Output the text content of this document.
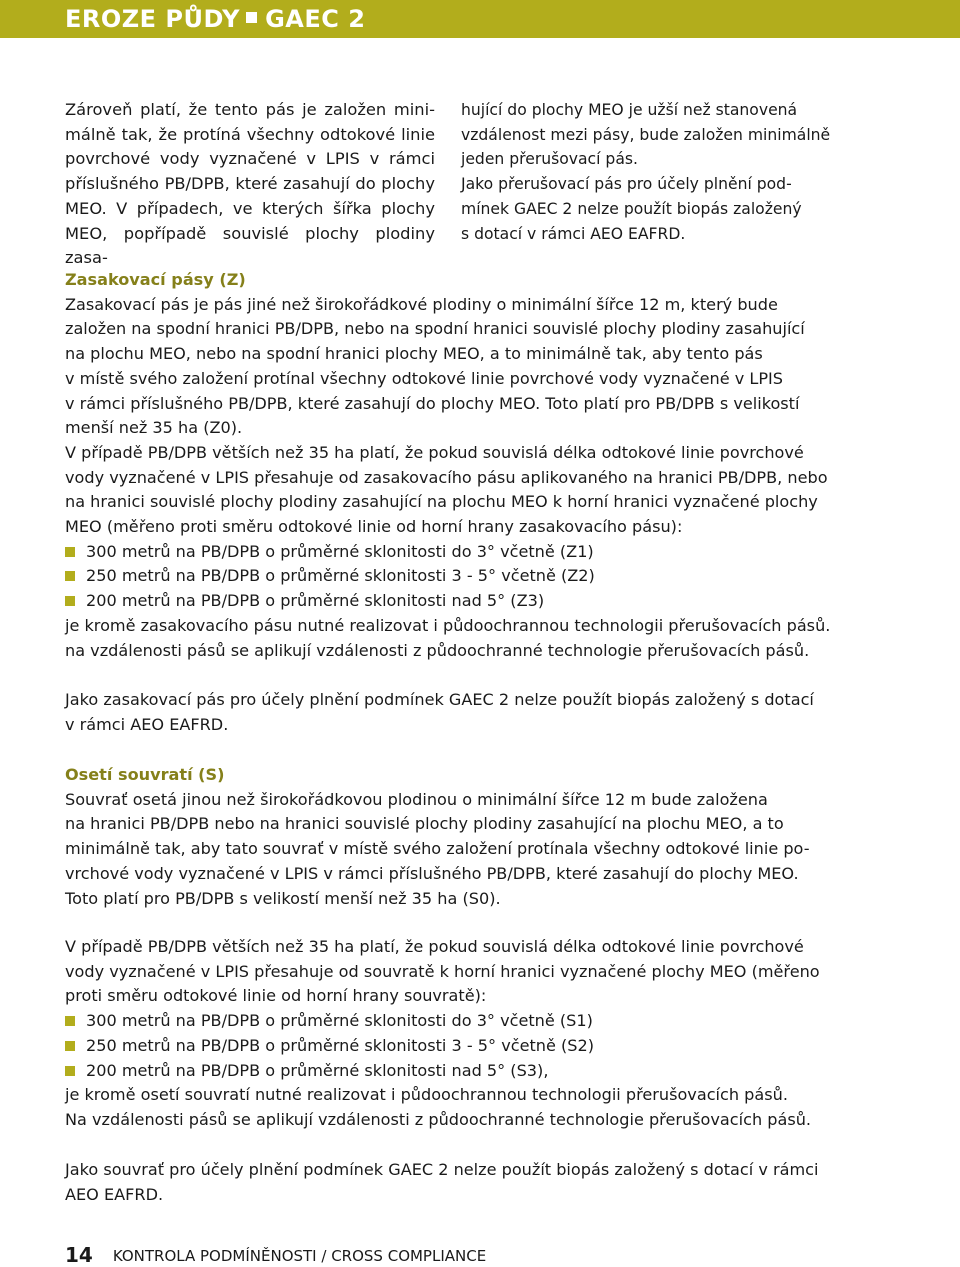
EROZE PŮDY GAEC 2
Zároveň platí, že tento pás je založen mini-
málně tak, že protíná všechny odtokové linie
povrchové vody vyznačené v LPIS v rámci
příslušného PB/DPB, které zasahují do plochy
MEO. V případech, ve kterých šířka plochy
MEO, popřípadě souvislé plochy plodiny zasa-
hující do plochy MEO je užší než stanovená
vzdálenost mezi pásy, bude založen minimálně
jeden přerušovací pás.
Jako přerušovací pás pro účely plnění pod-
mínek GAEC 2 nelze použít biopás založený
s dotací v rámci AEO EAFRD.
Zasakovací pásy (Z)
Zasakovací pás je pás jiné než širokořádkové plodiny o minimální šířce 12 m, který bude
založen na spodní hranici PB/DPB, nebo na spodní hranici souvislé plochy plodiny zasahující
na plochu MEO, nebo na spodní hranici plochy MEO, a to minimálně tak, aby tento pás
v místě svého založení protínal všechny odtokové linie povrchové vody vyznačené v LPIS
v rámci příslušného PB/DPB, které zasahují do plochy MEO. Toto platí pro PB/DPB s velikostí
menší než 35 ha (Z0).
V případě PB/DPB větších než 35 ha platí, že pokud souvislá délka odtokové linie povrchové
vody vyznačené v LPIS přesahuje od zasakovacího pásu aplikovaného na hranici PB/DPB, nebo
na hranici souvislé plochy plodiny zasahující na plochu MEO k horní hranici vyznačené plochy
MEO (měřeno proti směru odtokové linie od horní hrany zasakovacího pásu):
300 metrů na PB/DPB o průměrné sklonitosti do 3° včetně (Z1)
250 metrů na PB/DPB o průměrné sklonitosti 3 - 5° včetně (Z2)
200 metrů na PB/DPB o průměrné sklonitosti nad 5° (Z3)
je kromě zasakovacího pásu nutné realizovat i půdoochrannou technologii přerušovacích pásů.
na vzdálenosti pásů se aplikují vzdálenosti z půdoochranné technologie přerušovacích pásů.
Jako zasakovací pás pro účely plnění podmínek GAEC 2 nelze použít biopás založený s dotací
v rámci AEO EAFRD.
Osetí souvratí (S)
Souvrať osetá jinou než širokořádkovou plodinou o minimální šířce 12 m bude založena
na hranici PB/DPB nebo na hranici souvislé plochy plodiny zasahující na plochu MEO, a to
minimálně tak, aby tato souvrať v místě svého založení protínala všechny odtokové linie po-
vrchové vody vyznačené v LPIS v rámci příslušného PB/DPB, které zasahují do plochy MEO.
Toto platí pro PB/DPB s velikostí menší než 35 ha (S0).
V případě PB/DPB větších než 35 ha platí, že pokud souvislá délka odtokové linie povrchové
vody vyznačené v LPIS přesahuje od souvratě k horní hranici vyznačené plochy MEO (měřeno
proti směru odtokové linie od horní hrany souvratě):
300 metrů na PB/DPB o průměrné sklonitosti do 3° včetně (S1)
250 metrů na PB/DPB o průměrné sklonitosti 3 - 5° včetně (S2)
200 metrů na PB/DPB o průměrné sklonitosti nad 5° (S3),
je kromě osetí souvratí nutné realizovat i půdoochrannou technologii přerušovacích pásů.
Na vzdálenosti pásů se aplikují vzdálenosti z půdoochranné technologie přerušovacích pásů.
Jako souvrať pro účely plnění podmínek GAEC 2 nelze použít biopás založený s dotací v rámci
AEO EAFRD.
14 KONTROLA PODMÍNĚNOSTI / CROSS COMPLIANCE
